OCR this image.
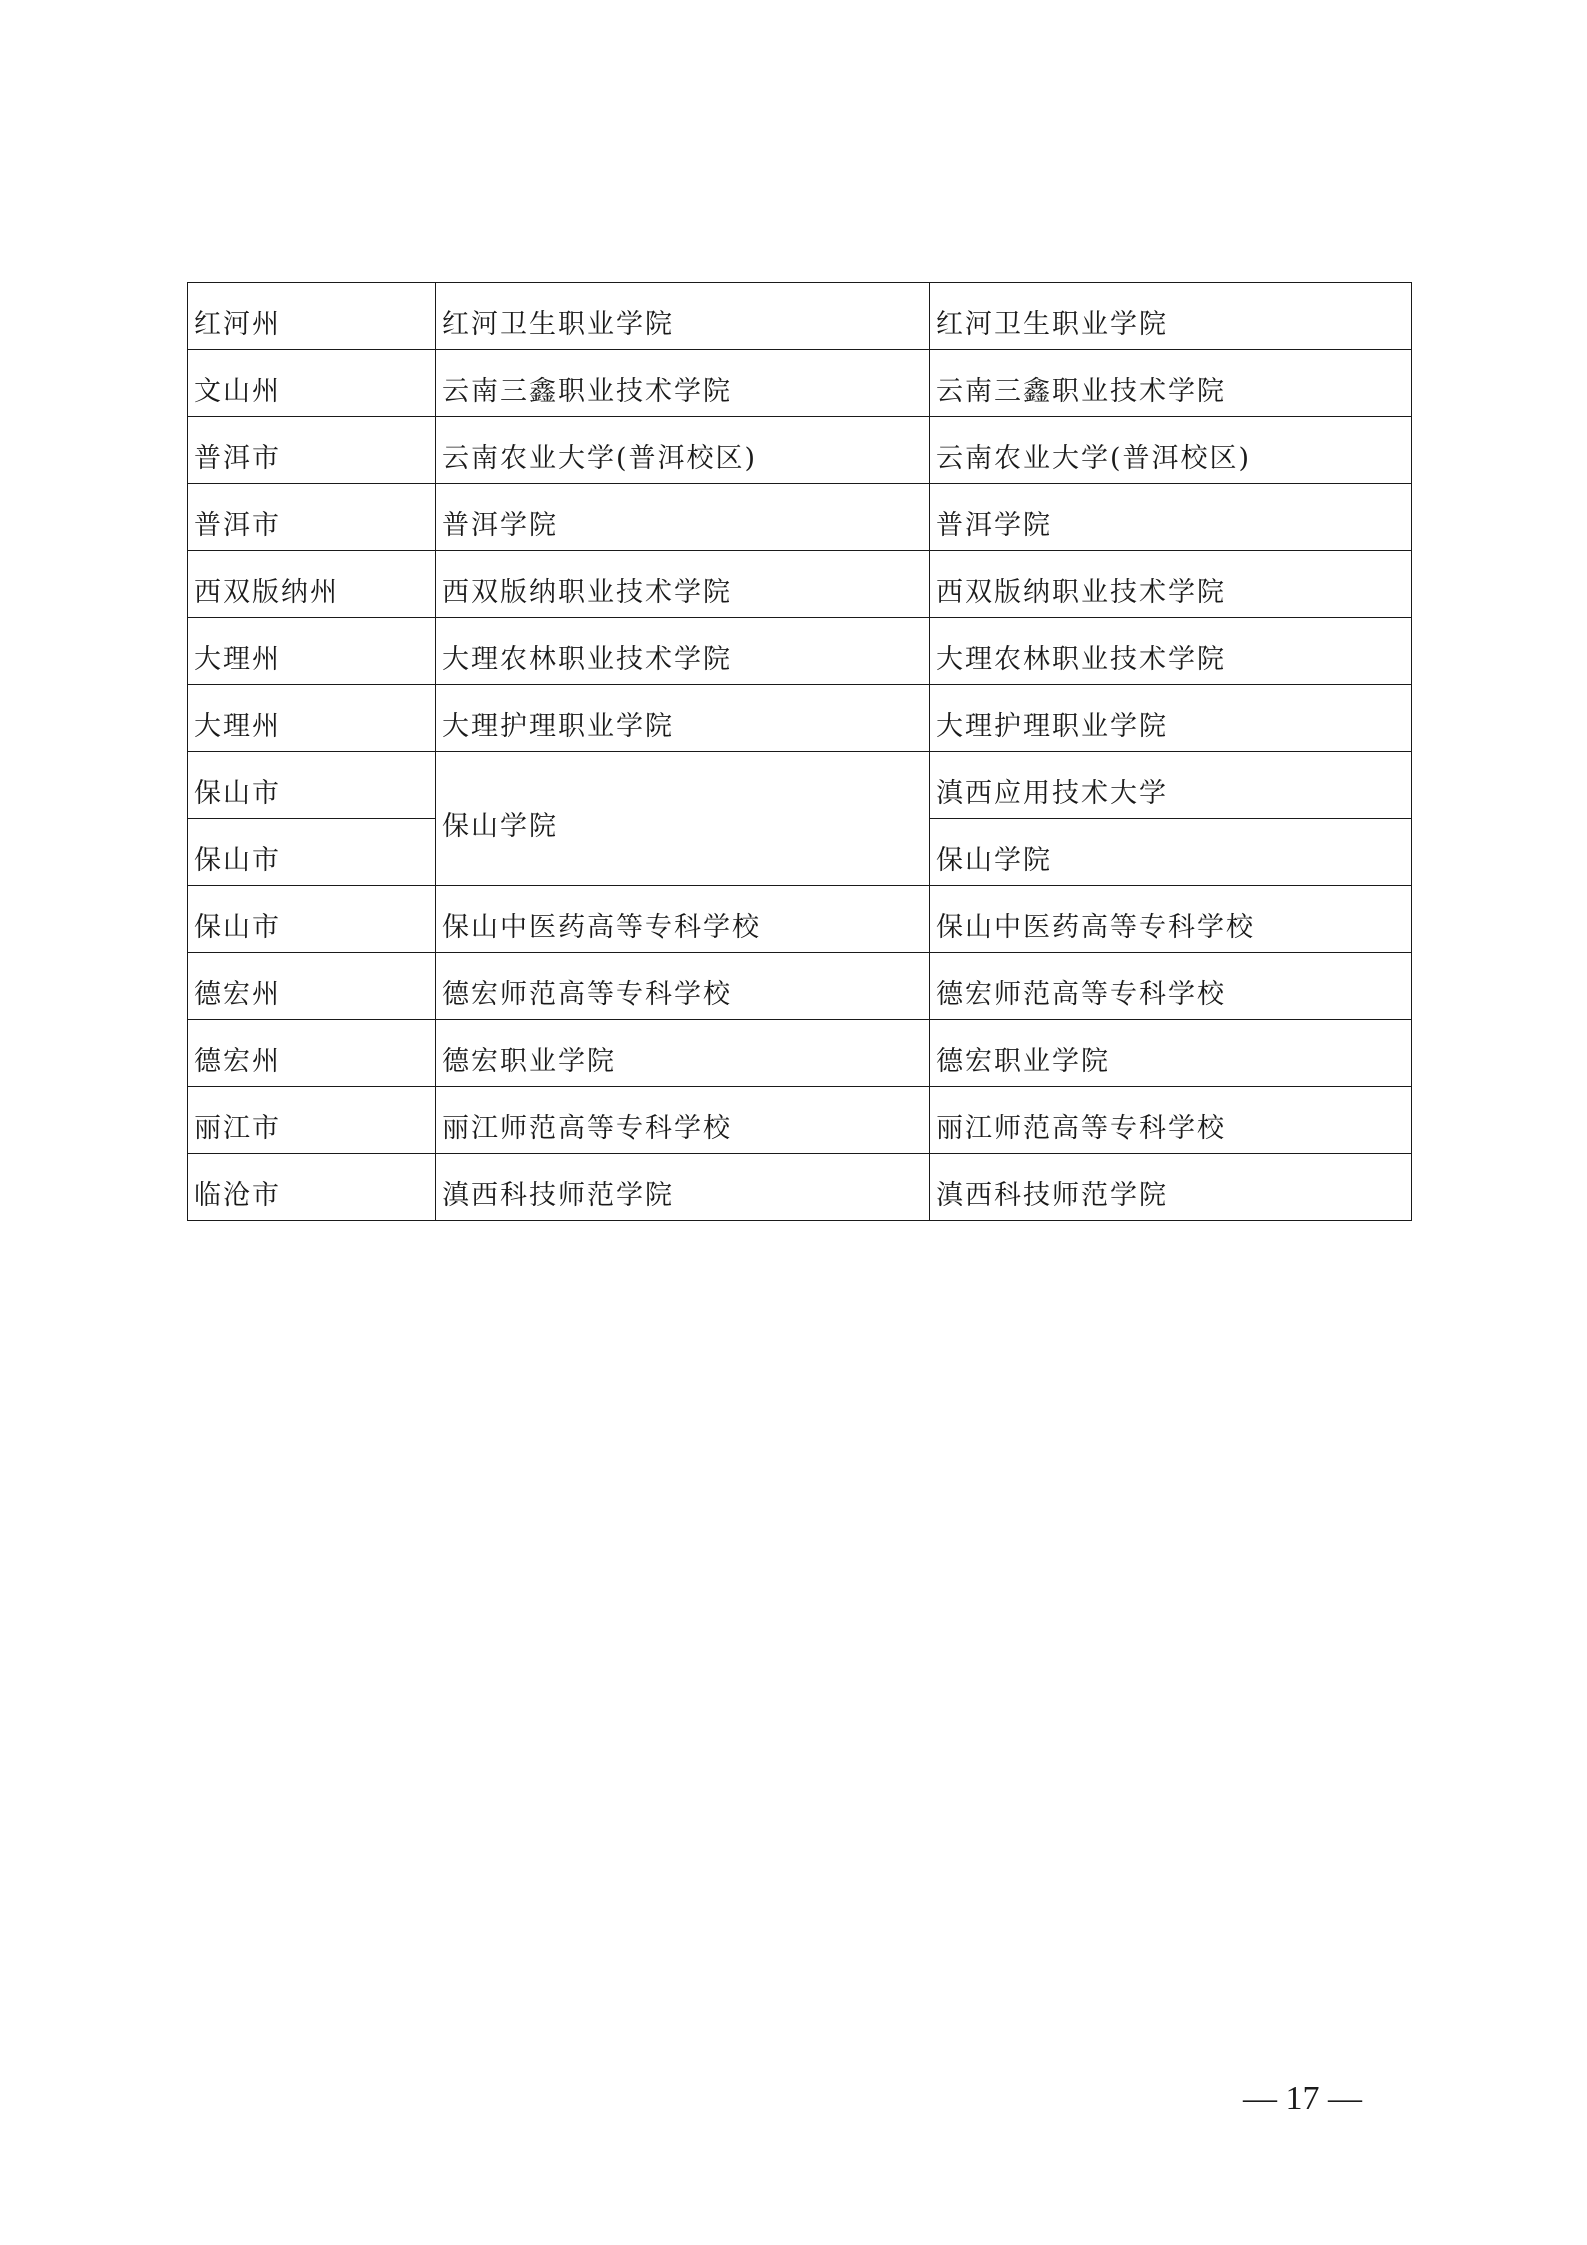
红河州	红河卫生职业学院	红河卫生职业学院
文山州	云南三鑫职业技术学院	云南三鑫职业技术学院
普洱市	云南农业大学(普洱校区)	云南农业大学(普洱校区)
普洱市	普洱学院	普洱学院
西双版纳州	西双版纳职业技术学院	西双版纳职业技术学院
大理州	大理农林职业技术学院	大理农林职业技术学院
大理州	大理护理职业学院	大理护理职业学院
保山市	保山学院	滇西应用技术大学
保山市		保山学院
保山市	保山中医药高等专科学校	保山中医药高等专科学校
德宏州	德宏师范高等专科学校	德宏师范高等专科学校
德宏州	德宏职业学院	德宏职业学院
丽江市	丽江师范高等专科学校	丽江师范高等专科学校
临沧市	滇西科技师范学院	滇西科技师范学院
— 17 —
